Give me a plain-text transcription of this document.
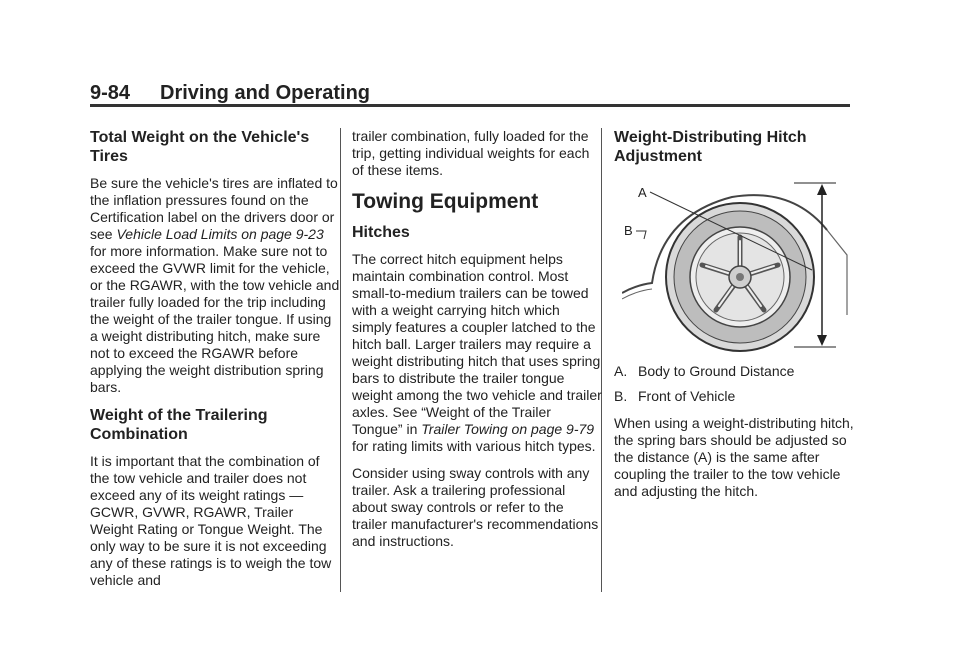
9-84 Driving and Operating
Total Weight on the Vehicle's Tires

Be sure the vehicle's tires are inflated to the inflation pressures found on the Certification label on the drivers door or see Vehicle Load Limits on page 9-23 for more information. Make sure not to exceed the GVWR limit for the vehicle, or the RGAWR, with the tow vehicle and trailer fully loaded for the trip including the weight of the trailer tongue. If using a weight distributing hitch, make sure not to exceed the RGAWR before applying the weight distribution spring bars.

Weight of the Trailering Combination

It is important that the combination of the tow vehicle and trailer does not exceed any of its weight ratings — GCWR, GVWR, RGAWR, Trailer Weight Rating or Tongue Weight. The only way to be sure it is not exceeding any of these ratings is to weigh the tow vehicle and

trailer combination, fully loaded for the trip, getting individual weights for each of these items.

Towing Equipment
Hitches

The correct hitch equipment helps maintain combination control. Most small-to-medium trailers can be towed with a weight carrying hitch which simply features a coupler latched to the hitch ball. Larger trailers may require a weight distributing hitch that uses spring bars to distribute the trailer tongue weight among the two vehicle and trailer axles. See “Weight of the Trailer Tongue” in Trailer Towing on page 9-79 for rating limits with various hitch types.

Consider using sway controls with any trailer. Ask a trailering professional about sway controls or refer to the trailer manufacturer's recommendations and instructions.

Weight-Distributing Hitch Adjustment
A
B
A. Body to Ground Distance
B. Front of Vehicle

When using a weight-distributing hitch, the spring bars should be adjusted so the distance (A) is the same after coupling the trailer to the tow vehicle and adjusting the hitch.
